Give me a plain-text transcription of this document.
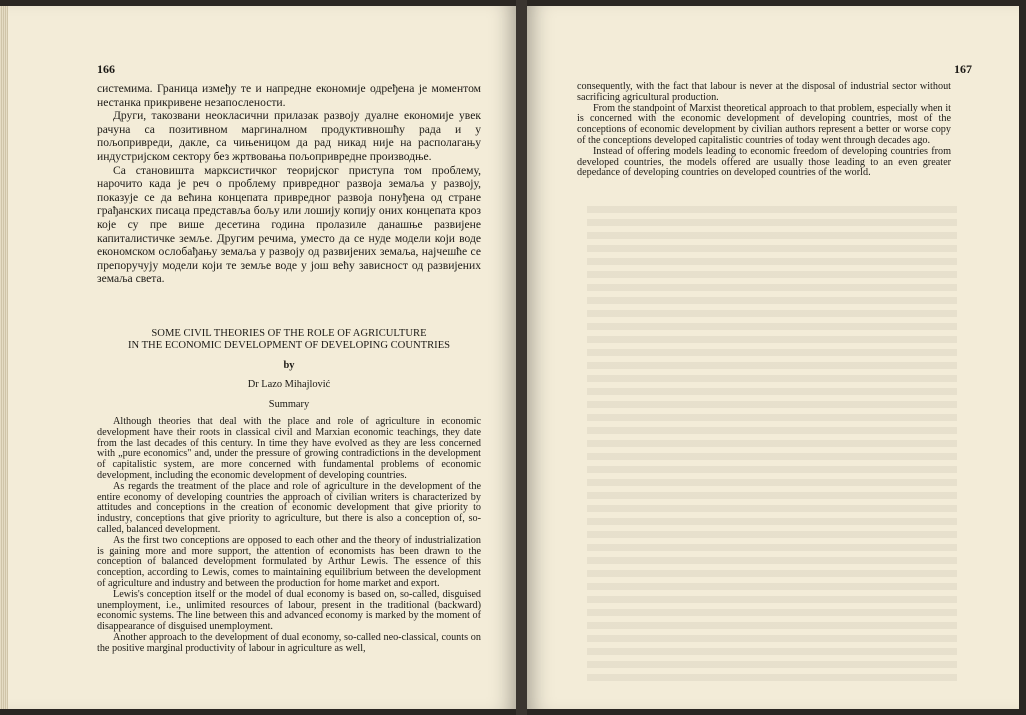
166

системима. Граница између те и напредне економије одређена је моментом нестанка прикривене незапослености.

Други, такозвани неокласични прилазак развоју дуалне економије увек рачуна са позитивном маргиналном продуктивношћу рада и у пољопривреди, дакле, са чињеницом да рад никад није на располагању индустријском сектору без жртвовања пољопривредне производње.

Са становишта марксистичког теоријског приступа том проблему, нарочито када је реч о проблему привредног развоја земаља у развоју, показује се да већина концепата привредног развоја понуђена од стране грађанских писаца представља бољу или лошију копију оних концепата кроз које су пре више десетина година пролазиле данашње развијене капиталистичке земље. Другим речима, уместо да се нуде модели који воде економском ослобађању земаља у развоју од развијених земаља, најчешће се препоручују модели који те земље воде у још већу зависност од развијених земаља света.

SOME CIVIL THEORIES OF THE ROLE OF AGRICULTURE
IN THE ECONOMIC DEVELOPMENT OF DEVELOPING COUNTRIES
by
Dr Lazo Mihajlović
Summary

Although theories that deal with the place and role of agriculture in economic development have their roots in classical civil and Marxian economic teachings, they date from the last decades of this century. In time they have evolved as they are less concerned with „pure economics" and, under the pressure of growing contradictions in the development of capitalistic system, are more concerned with fundamental problems of economic development, including the economic development of developing countries.

As regards the treatment of the place and role of agriculture in the development of the entire economy of developing countries the approach of civilian writers is characterized by attitudes and conceptions in the creation of economic development that give priority to industry, conceptions that give priority to agriculture, but there is also a conception of, so-called, balanced development.

As the first two conceptions are opposed to each other and the theory of industrialization is gaining more and more support, the attention of economists has been drawn to the conception of balanced development formulated by Arthur Lewis. The essence of this conception, according to Lewis, comes to maintaining equilibrium between the development of agriculture and industry and between the production for home market and export.

Lewis's conception itself or the model of dual economy is based on, so-called, disguised unemployment, i.e., unlimited resources of labour, present in the traditional (backward) economic systems. The line between this and advanced economy is marked by the moment of disappearance of disguised unemployment.

Another approach to the development of dual economy, so-called neo-classical, counts on the positive marginal productivity of labour in agriculture as well,

167

consequently, with the fact that labour is never at the disposal of industrial sector without sacrificing agricultural production.

From the standpoint of Marxist theoretical approach to that problem, especially when it is concerned with the economic development of developing countries, most of the conceptions of economic development by civilian authors represent a better or worse copy of the conceptions developed capitalistic countries of today went through decades ago.

Instead of offering models leading to economic freedom of developing countries from developed countries, the models offered are usually those leading to an even greater depedance of developing countries on developed countries of the world.
